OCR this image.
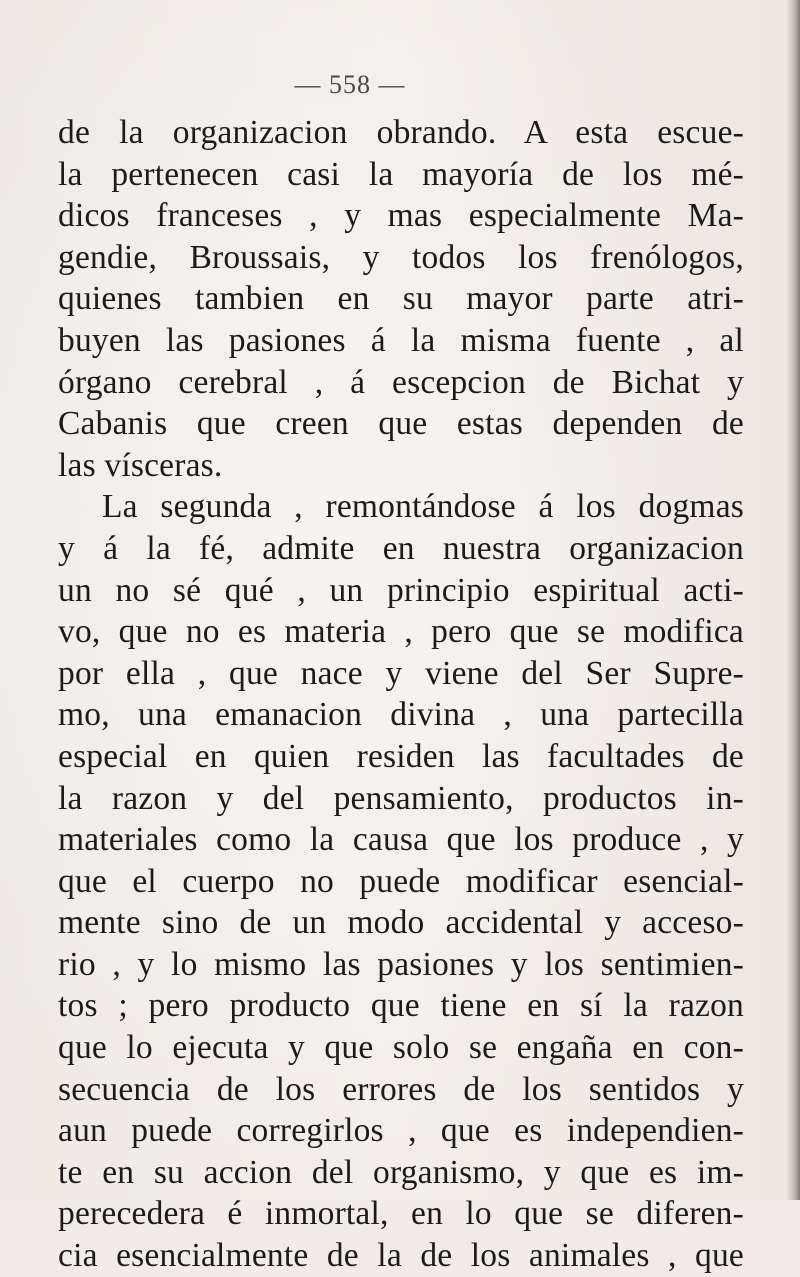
— 558 —
de la organizacion obrando. A esta escue-
la pertenecen casi la mayoría de los mé-
dicos franceses , y mas especialmente Ma-
gendie, Broussais, y todos los frenólogos,
quienes tambien en su mayor parte atri-
buyen las pasiones á la misma fuente , al
órgano cerebral , á escepcion de Bichat y
Cabanis que creen que estas dependen de
las vísceras.
La segunda , remontándose á los dogmas
y á la fé, admite en nuestra organizacion
un no sé qué , un principio espiritual acti-
vo, que no es materia , pero que se modifica
por ella , que nace y viene del Ser Supre-
mo, una emanacion divina , una partecilla
especial en quien residen las facultades de
la razon y del pensamiento, productos in-
materiales como la causa que los produce , y
que el cuerpo no puede modificar esencial-
mente sino de un modo accidental y acceso-
rio , y lo mismo las pasiones y los sentimien-
tos ; pero producto que tiene en sí la razon
que lo ejecuta y que solo se engaña en con-
secuencia de los errores de los sentidos y
aun puede corregirlos , que es independien-
te en su accion del organismo, y que es im-
perecedera é inmortal, en lo que se diferen-
cia esencialmente de la de los animales , que
